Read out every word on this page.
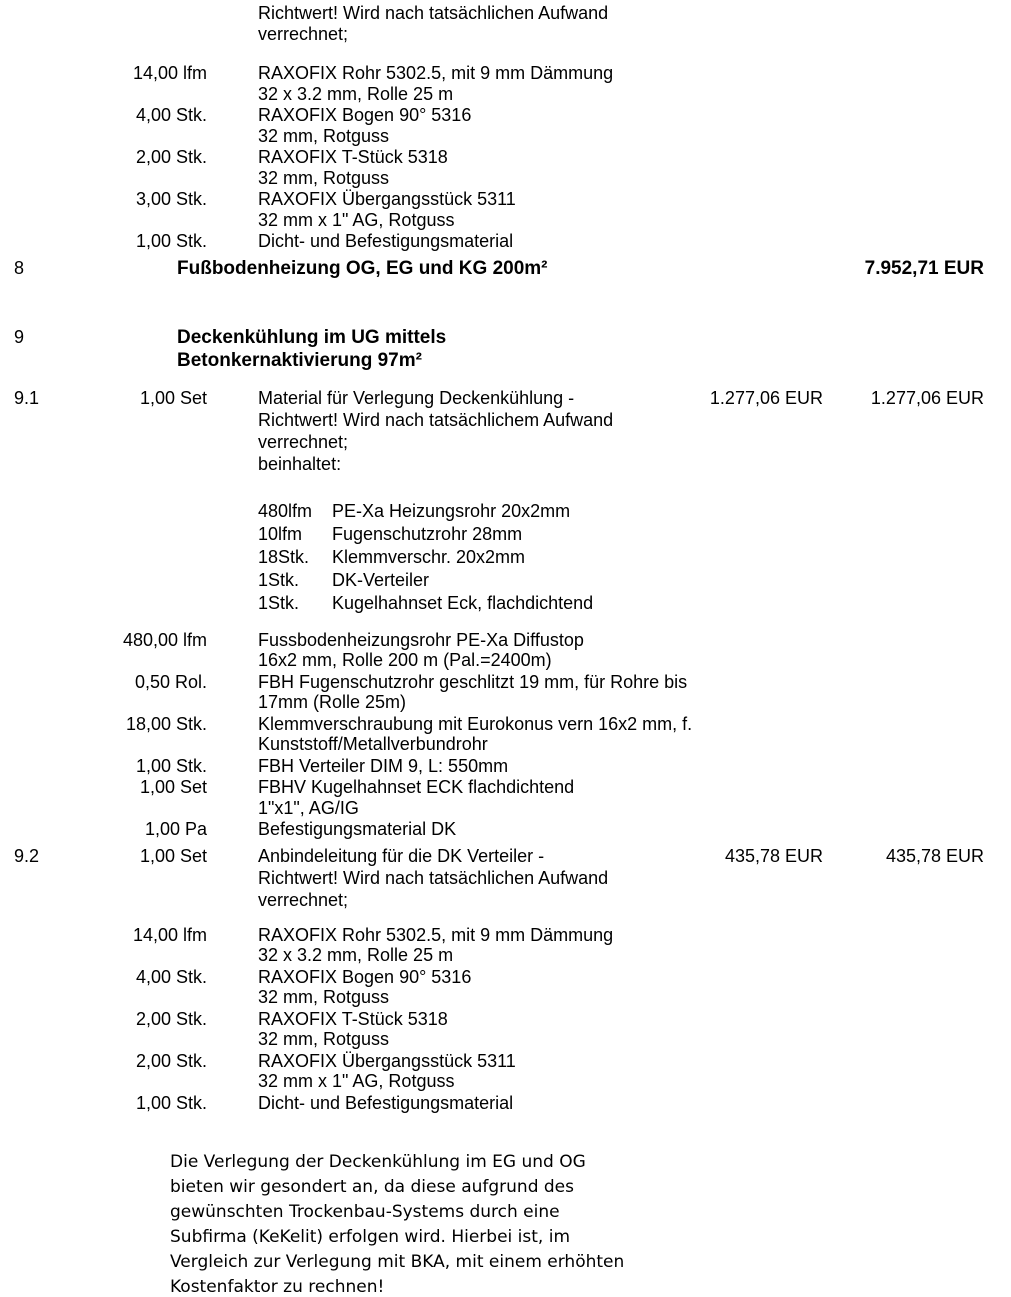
Richtwert! Wird nach tatsächlichen Aufwand
verrechnet;
14,00 lfm	RAXOFIX Rohr 5302.5, mit 9 mm Dämmung
32 x 3.2 mm, Rolle 25 m
4,00 Stk.	RAXOFIX Bogen 90° 5316
32 mm, Rotguss
2,00 Stk.	RAXOFIX T-Stück 5318
32 mm, Rotguss
3,00 Stk.	RAXOFIX Übergangsstück 5311
32 mm x 1" AG, Rotguss
1,00 Stk.	Dicht- und Befestigungsmaterial
8	Fußbodenheizung OG, EG und KG 200m²	7.952,71 EUR
9	Deckenkühlung im UG mittels
Betonkernaktivierung 97m²
9.1	1,00 Set	Material für Verlegung Deckenkühlung -
Richtwert! Wird nach tatsächlichem Aufwand
verrechnet;
beinhaltet:
1.277,06 EUR	1.277,06 EUR
480lfm	PE-Xa Heizungsrohr 20x2mm
10lfm	Fugenschutzrohr 28mm
18Stk.	Klemmverschr. 20x2mm
1Stk.	DK-Verteiler
1Stk.	Kugelhahnset Eck, flachdichtend
480,00 lfm	Fussbodenheizungsrohr PE-Xa Diffustop
16x2 mm, Rolle 200 m (Pal.=2400m)
0,50 Rol.	FBH Fugenschutzrohr geschlitzt 19 mm, für Rohre bis
17mm (Rolle 25m)
18,00 Stk.	Klemmverschraubung mit Eurokonus vern 16x2 mm, f.
Kunststoff/Metallverbundrohr
1,00 Stk.	FBH Verteiler DIM 9, L: 550mm
1,00 Set	FBHV Kugelhahnset ECK flachdichtend
1"x1", AG/IG
1,00 Pa	Befestigungsmaterial DK
9.2	1,00 Set	Anbindeleitung für die DK Verteiler -
Richtwert! Wird nach tatsächlichen Aufwand
verrechnet;
435,78 EUR	435,78 EUR
14,00 lfm	RAXOFIX Rohr 5302.5, mit 9 mm Dämmung
32 x 3.2 mm, Rolle 25 m
4,00 Stk.	RAXOFIX Bogen 90° 5316
32 mm, Rotguss
2,00 Stk.	RAXOFIX T-Stück 5318
32 mm, Rotguss
2,00 Stk.	RAXOFIX Übergangsstück 5311
32 mm x 1" AG, Rotguss
1,00 Stk.	Dicht- und Befestigungsmaterial
Die Verlegung der Deckenkühlung im EG und OG
bieten wir gesondert an, da diese aufgrund des
gewünschten Trockenbau-Systems durch eine
Subfirma (KeKelit) erfolgen wird. Hierbei ist, im
Vergleich zur Verlegung mit BKA, mit einem erhöhten
Kostenfaktor zu rechnen!
